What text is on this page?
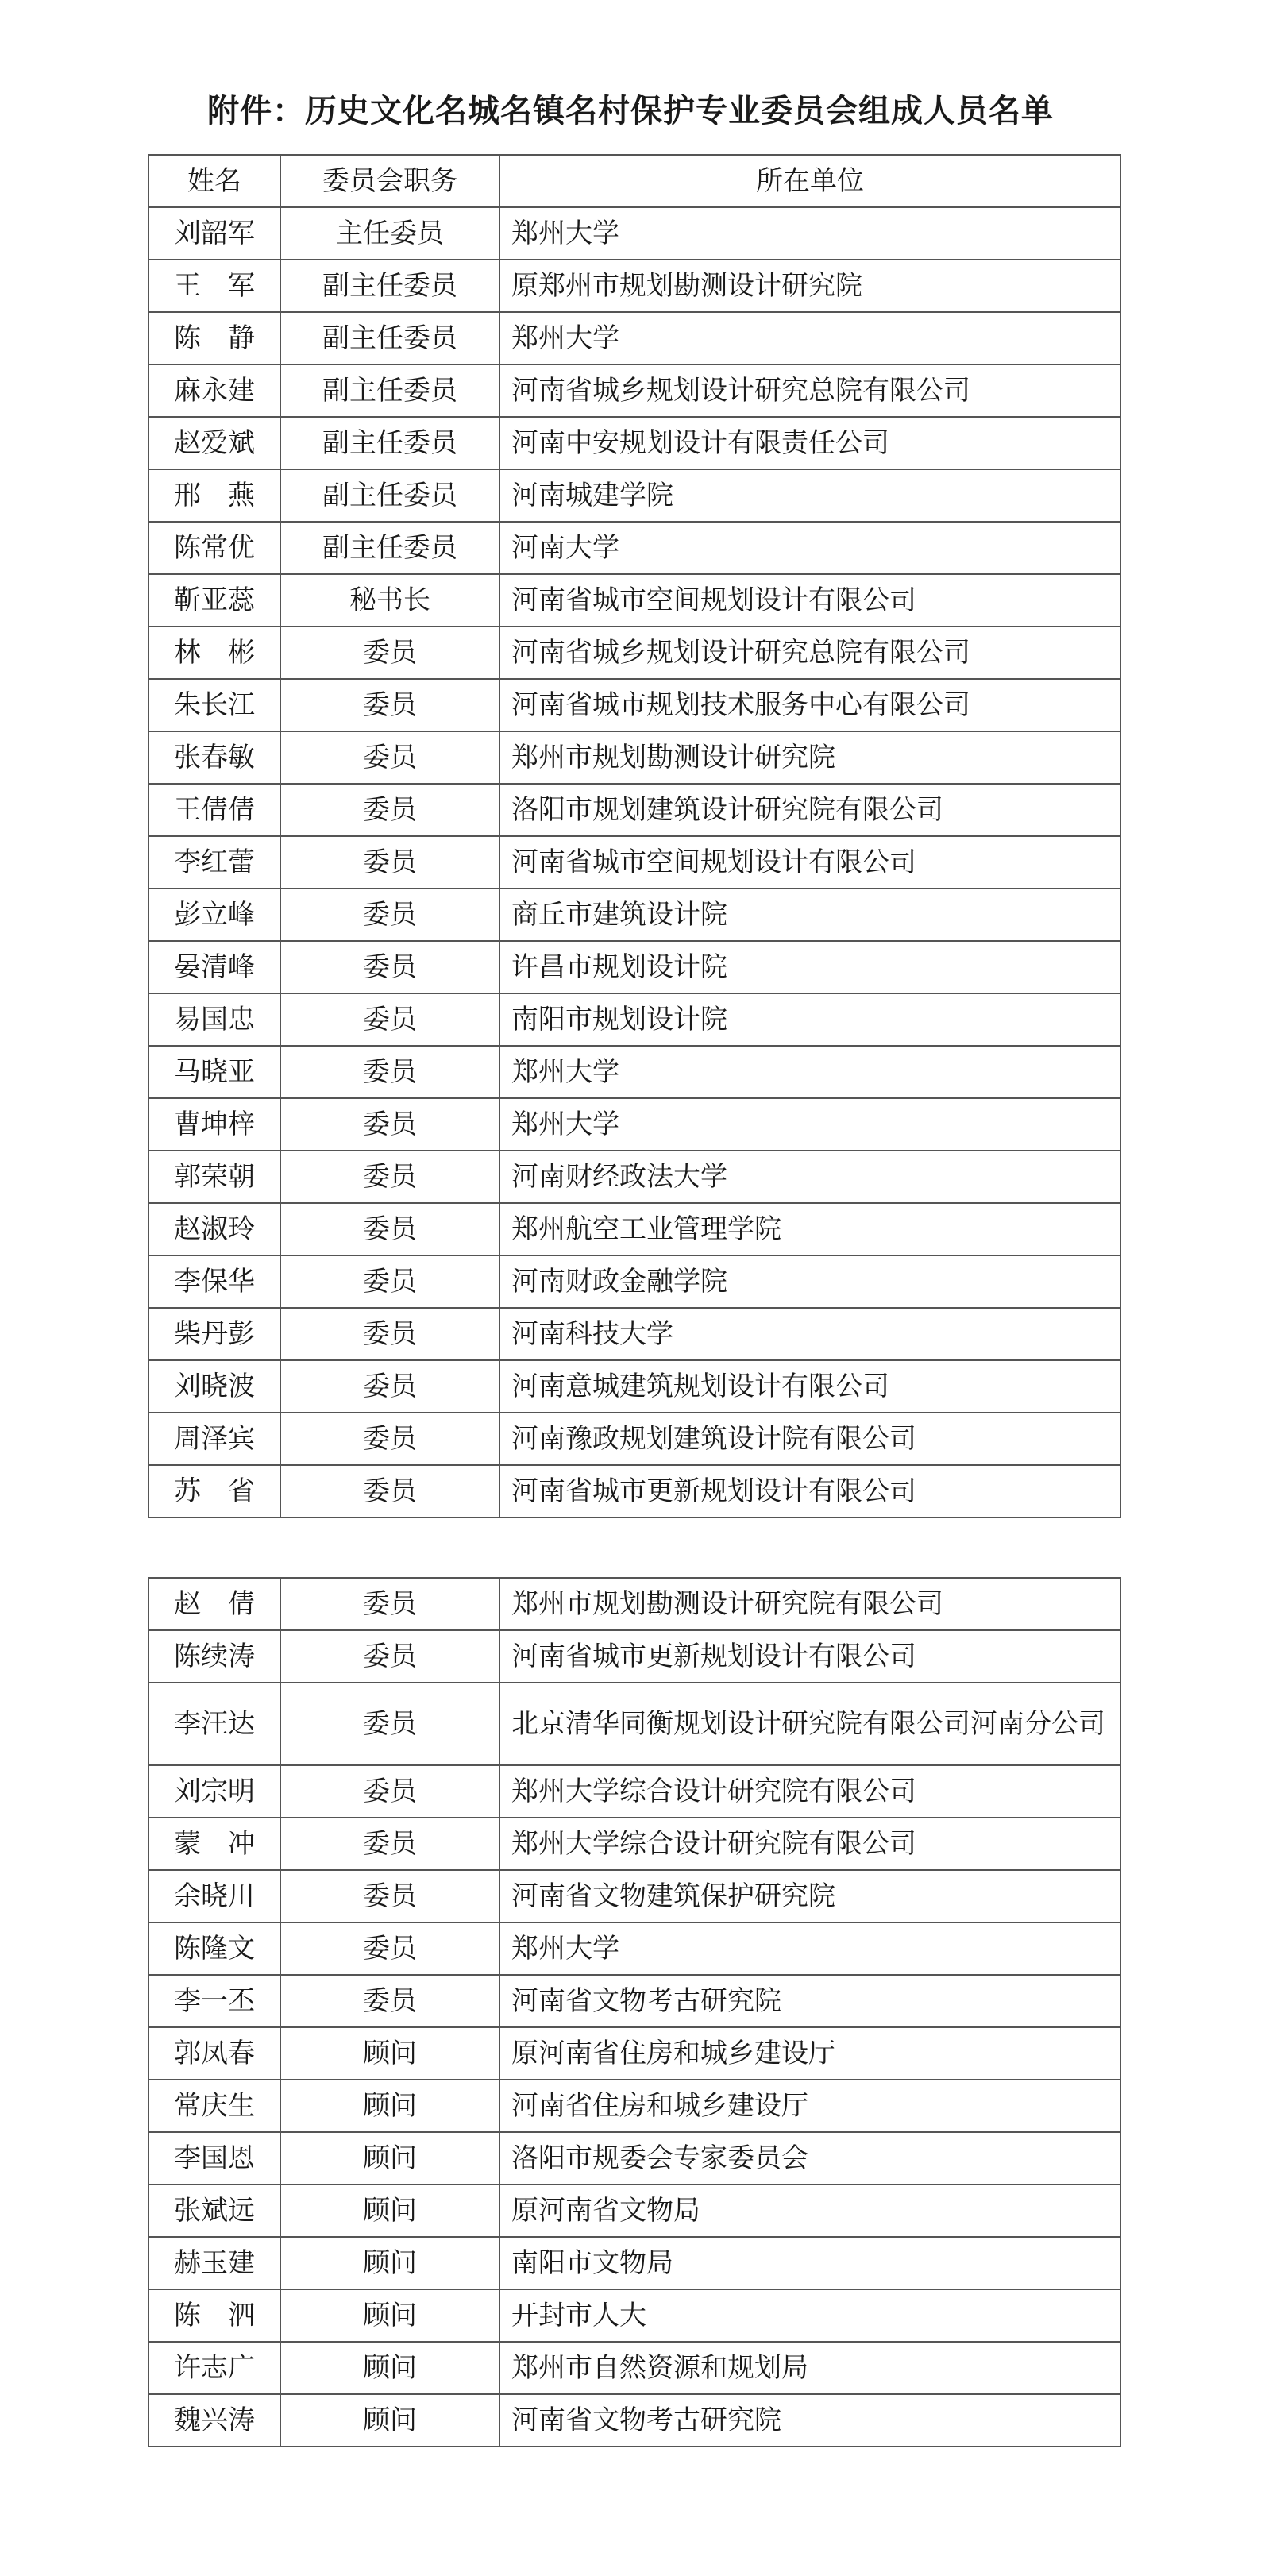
附件：历史文化名城名镇名村保护专业委员会组成人员名单
姓名	委员会职务	所在单位
刘韶军	主任委员	郑州大学
王　军	副主任委员	原郑州市规划勘测设计研究院
陈　静	副主任委员	郑州大学
麻永建	副主任委员	河南省城乡规划设计研究总院有限公司
赵爱斌	副主任委员	河南中安规划设计有限责任公司
邢　燕	副主任委员	河南城建学院
陈常优	副主任委员	河南大学
靳亚蕊	秘书长	河南省城市空间规划设计有限公司
林　彬	委员	河南省城乡规划设计研究总院有限公司
朱长江	委员	河南省城市规划技术服务中心有限公司
张春敏	委员	郑州市规划勘测设计研究院
王倩倩	委员	洛阳市规划建筑设计研究院有限公司
李红蕾	委员	河南省城市空间规划设计有限公司
彭立峰	委员	商丘市建筑设计院
晏清峰	委员	许昌市规划设计院
易国忠	委员	南阳市规划设计院
马晓亚	委员	郑州大学
曹坤梓	委员	郑州大学
郭荣朝	委员	河南财经政法大学
赵淑玲	委员	郑州航空工业管理学院
李保华	委员	河南财政金融学院
柴丹彭	委员	河南科技大学
刘晓波	委员	河南意城建筑规划设计有限公司
周泽宾	委员	河南豫政规划建筑设计院有限公司
苏　省	委员	河南省城市更新规划设计有限公司
赵　倩	委员	郑州市规划勘测设计研究院有限公司
陈续涛	委员	河南省城市更新规划设计有限公司
李汪达	委员	北京清华同衡规划设计研究院有限公司河南分公司
刘宗明	委员	郑州大学综合设计研究院有限公司
蒙　冲	委员	郑州大学综合设计研究院有限公司
余晓川	委员	河南省文物建筑保护研究院
陈隆文	委员	郑州大学
李一丕	委员	河南省文物考古研究院
郭凤春	顾问	原河南省住房和城乡建设厅
常庆生	顾问	河南省住房和城乡建设厅
李国恩	顾问	洛阳市规委会专家委员会
张斌远	顾问	原河南省文物局
赫玉建	顾问	南阳市文物局
陈　泗	顾问	开封市人大
许志广	顾问	郑州市自然资源和规划局
魏兴涛	顾问	河南省文物考古研究院
